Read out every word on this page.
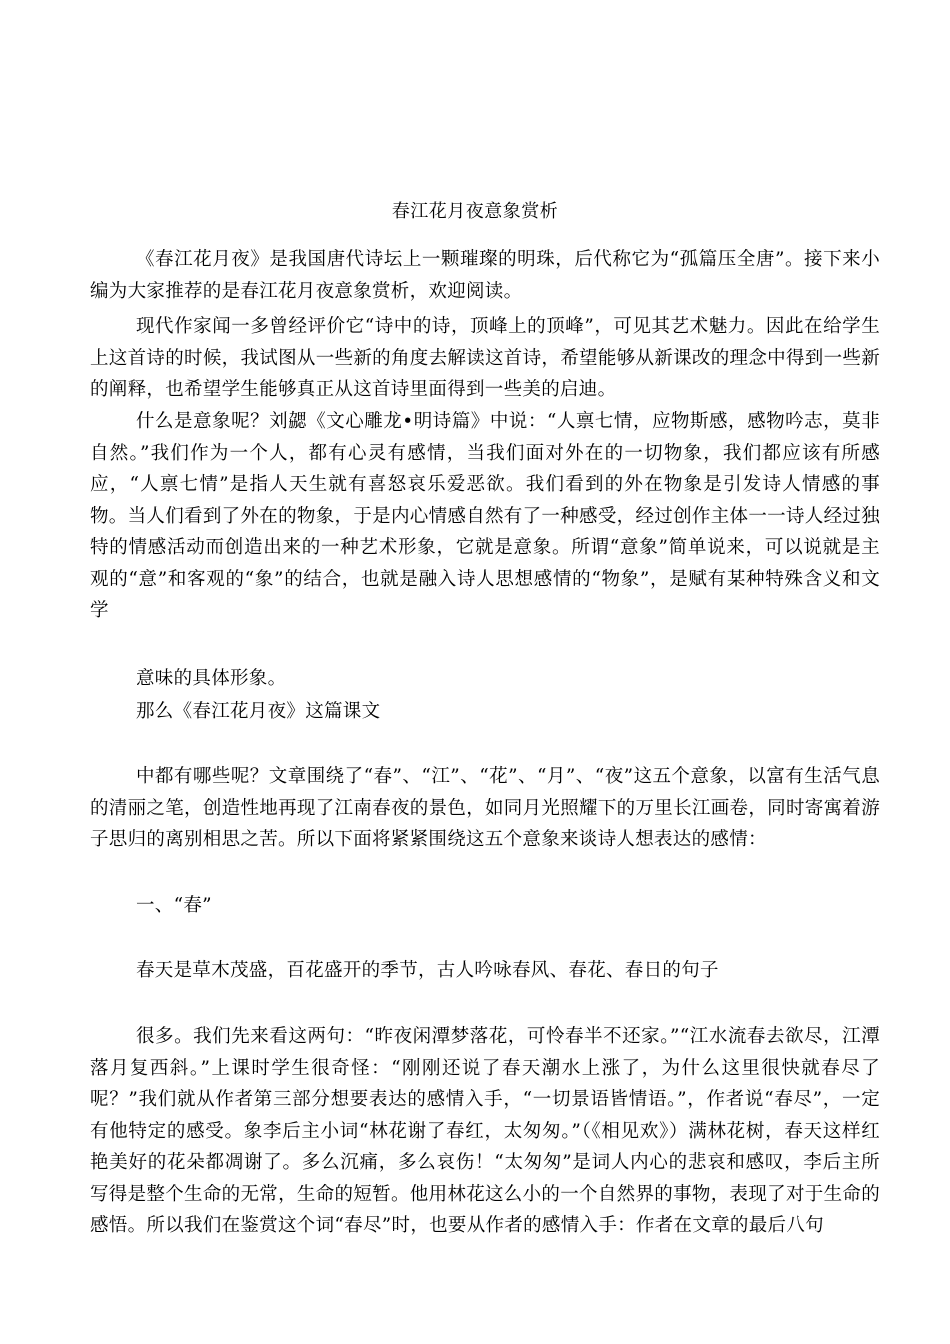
春江花月夜意象赏析

《春江花月夜》是我国唐代诗坛上一颗璀璨的明珠，后代称它为“孤篇压全唐”。接下来小编为大家推荐的是春江花月夜意象赏析，欢迎阅读。

现代作家闻一多曾经评价它“诗中的诗，顶峰上的顶峰”，可见其艺术魅力。因此在给学生上这首诗的时候，我试图从一些新的角度去解读这首诗，希望能够从新课改的理念中得到一些新的阐释，也希望学生能够真正从这首诗里面得到一些美的启迪。

什么是意象呢？刘勰《文心雕龙•明诗篇》中说：“人禀七情，应物斯感，感物吟志，莫非自然。”我们作为一个人，都有心灵有感情，当我们面对外在的一切物象，我们都应该有所感应，“人禀七情”是指人天生就有喜怒哀乐爱恶欲。我们看到的外在物象是引发诗人情感的事物。当人们看到了外在的物象，于是内心情感自然有了一种感受，经过创作主体一一诗人经过独特的情感活动而创造出来的一种艺术形象，它就是意象。所谓“意象”简单说来，可以说就是主观的“意”和客观的“象”的结合，也就是融入诗人思想感情的“物象”，是赋有某种特殊含义和文学

意味的具体形象。

那么《春江花月夜》这篇课文

中都有哪些呢？文章围绕了“春”、“江”、“花”、“月”、“夜”这五个意象，以富有生活气息的清丽之笔，创造性地再现了江南春夜的景色，如同月光照耀下的万里长江画卷，同时寄寓着游子思归的离别相思之苦。所以下面将紧紧围绕这五个意象来谈诗人想表达的感情：

一、“春”

春天是草木茂盛，百花盛开的季节，古人吟咏春风、春花、春日的句子

很多。我们先来看这两句：“昨夜闲潭梦落花，可怜春半不还家。”“江水流春去欲尽，江潭落月复西斜。”上课时学生很奇怪：“刚刚还说了春天潮水上涨了，为什么这里很快就春尽了呢？”我们就从作者第三部分想要表达的感情入手，“一切景语皆情语。”，作者说“春尽”，一定有他特定的感受。象李后主小词“林花谢了春红，太匆匆。”（《相见欢》）满林花树，春天这样红艳美好的花朵都凋谢了。多么沉痛，多么哀伤！“太匆匆”是词人内心的悲哀和感叹，李后主所写得是整个生命的无常，生命的短暂。他用林花这么小的一个自然界的事物，表现了对于生命的感悟。所以我们在鉴赏这个词“春尽”时，也要从作者的感情入手：作者在文章的最后八句
